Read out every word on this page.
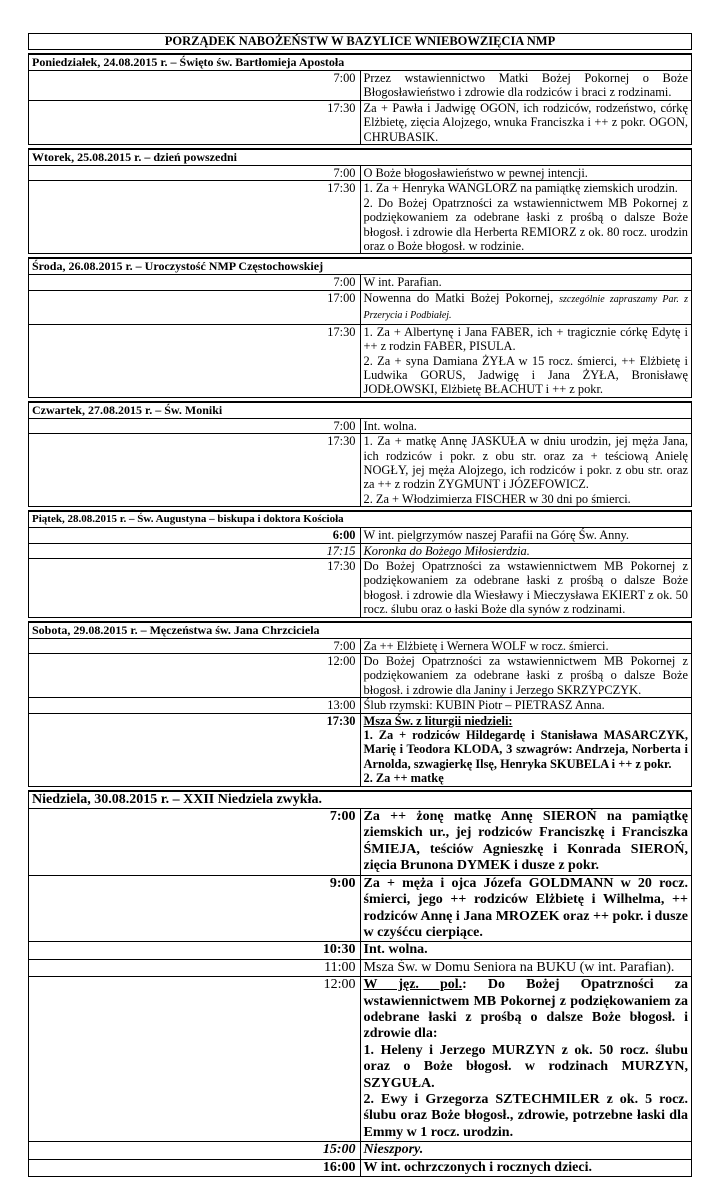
PORZĄDEK NABOŻEŃSTW W BAZYLICE WNIEBOWZIĘCIA NMP
Poniedziałek, 24.08.2015 r. – Święto św. Bartłomieja Apostoła	
7:00	Przez wstawiennictwo Matki Bożej Pokornej o Boże Błogosławieństwo i zdrowie dla rodziców i braci z rodzinami.
17:30	Za + Pawła i Jadwigę OGON, ich rodziców, rodzeństwo, córkę Elżbietę, zięcia Alojzego, wnuka Franciszka i ++ z pokr. OGON, CHRUBASIK.
Wtorek, 25.08.2015 r. – dzień powszedni	
7:00	O Boże błogosławieństwo w pewnej intencji.
17:30	1. Za + Henryka WANGLORZ na pamiątkę ziemskich urodzin.
2. Do Bożej Opatrzności za wstawiennictwem MB Pokornej z podziękowaniem za odebrane łaski z prośbą o dalsze Boże błogosł. i zdrowie dla Herberta REMIORZ z ok. 80 rocz. urodzin oraz o Boże błogosł. w rodzinie.
Środa, 26.08.2015 r. – Uroczystość NMP Częstochowskiej	
7:00	W int. Parafian.
17:00	Nowenna do Matki Bożej Pokornej, szczególnie zapraszamy Par. z Przerycia i Podbiałej.
17:30	1. Za + Albertynę i Jana FABER, ich + tragicznie córkę Edytę i ++ z rodzin FABER, PISULA.
2. Za + syna Damiana ŻYŁA w 15 rocz. śmierci, ++ Elżbietę i Ludwika GORUS, Jadwigę i Jana ŻYŁA, Bronisławę JODŁOWSKI, Elżbietę BŁACHUT i ++ z pokr.
Czwartek, 27.08.2015 r. – Św. Moniki	
7:00	Int. wolna.
17:30	1. Za + matkę Annę JASKUŁA w dniu urodzin, jej męża Jana, ich rodziców i pokr. z obu str. oraz za + teściową Anielę NOGŁY, jej męża Alojzego, ich rodziców i pokr. z obu str. oraz za ++ z rodzin ZYGMUNT i JÓZEFOWICZ.
2. Za + Włodzimierza FISCHER w 30 dni po śmierci.
Piątek, 28.08.2015 r. – Św. Augustyna – biskupa i doktora Kościoła	
6:00	W int. pielgrzymów naszej Parafii na Górę Św. Anny.
17:15	Koronka do Bożego Miłosierdzia.
17:30	Do Bożej Opatrzności za wstawiennictwem MB Pokornej z podziękowaniem za odebrane łaski z prośbą o dalsze Boże błogosł. i zdrowie dla Wiesławy i Mieczysława EKIERT z ok. 50 rocz. ślubu oraz o łaski Boże dla synów z rodzinami.
Sobota, 29.08.2015 r. – Męczeństwa św. Jana Chrzciciela	
7:00	Za ++ Elżbietę i Wernera WOLF w rocz. śmierci.
12:00	Do Bożej Opatrzności za wstawiennictwem MB Pokornej z podziękowaniem za odebrane łaski z prośbą o dalsze Boże błogosł. i zdrowie dla Janiny i Jerzego SKRZYPCZYK.
13:00	Ślub rzymski: KUBIN Piotr – PIETRASZ Anna.
17:30	Msza Św. z liturgii niedzieli:
1. Za + rodziców Hildegardę i Stanisława MASARCZYK, Marię i Teodora KLODA, 3 szwagrów: Andrzeja, Norberta i Arnolda, szwagierkę Ilsę, Henryka SKUBELA i ++ z pokr.
2. Za ++ matkę
Niedziela, 30.08.2015 r. – XXII Niedziela zwykła.	
7:00	Za ++ żonę matkę Annę SIEROŃ na pamiątkę ziemskich ur., jej rodziców Franciszkę i Franciszka ŚMIEJA, teściów Agnieszkę i Konrada SIEROŃ, zięcia Brunona DYMEK i dusze z pokr.
9:00	Za + męża i ojca Józefa GOLDMANN w 20 rocz. śmierci, jego ++ rodziców Elżbietę i Wilhelma, ++ rodziców Annę i Jana MROZEK oraz ++ pokr. i dusze w czyśćcu cierpiące.
10:30	Int. wolna.
11:00	Msza Św. w Domu Seniora na BUKU (w int. Parafian).
12:00	W jęz. pol.: Do Bożej Opatrzności za wstawiennictwem MB Pokornej z podziękowaniem za odebrane łaski z prośbą o dalsze Boże błogosł. i zdrowie dla:
1. Heleny i Jerzego MURZYN z ok. 50 rocz. ślubu oraz o Boże błogosł. w rodzinach MURZYN, SZYGUŁA.
2. Ewy i Grzegorza SZTECHMILER z ok. 5 rocz. ślubu oraz Boże błogosł., zdrowie, potrzebne łaski dla Emmy w 1 rocz. urodzin.

15:00	Nieszpory.
16:00	W int. ochrzczonych i rocznych dzieci.
